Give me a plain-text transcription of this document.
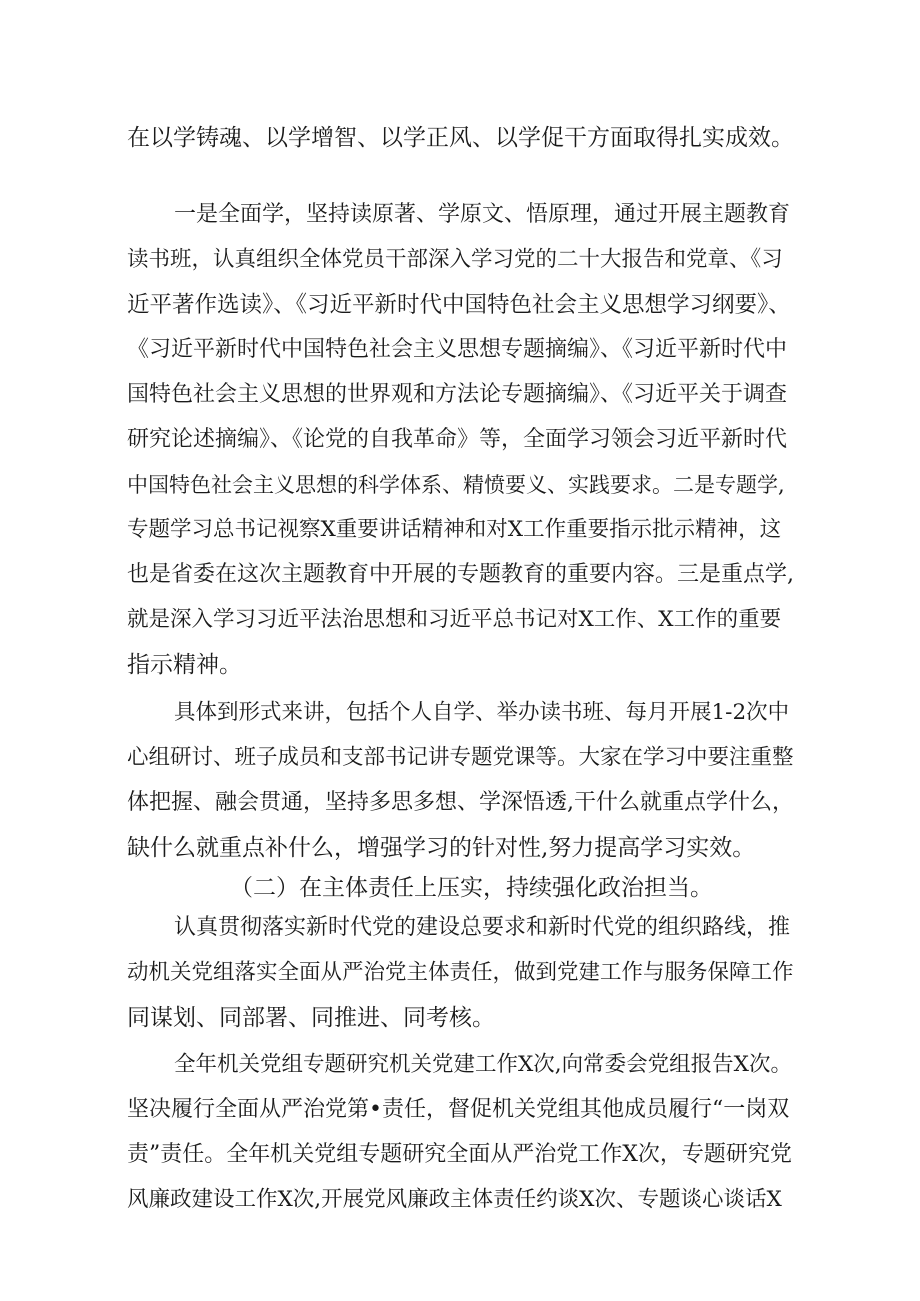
在以学铸魂、以学增智、以学正风、以学促干方面取得扎实成效。
一是全面学，坚持读原著、学原文、悟原理，通过开展主题教育
读书班，认真组织全体党员干部深入学习党的二十大报告和党章、《习
近平著作选读》、《习近平新时代中国特色社会主义思想学习纲要》、
《习近平新时代中国特色社会主义思想专题摘编》、《习近平新时代中
国特色社会主义思想的世界观和方法论专题摘编》、《习近平关于调查
研究论述摘编》、《论党的自我革命》等，全面学习领会习近平新时代
中国特色社会主义思想的科学体系、精愤要义、实践要求。二是专题学,
专题学习总书记视察X重要讲话精神和对X工作重要指示批示精神，这
也是省委在这次主题教育中开展的专题教育的重要内容。三是重点学,
就是深入学习习近平法治思想和习近平总书记对X工作、X工作的重要
指示精神。
具体到形式来讲，包括个人自学、举办读书班、每月开展1-2次中
心组研讨、班子成员和支部书记讲专题党课等。大家在学习中要注重整
体把握、融会贯通，坚持多思多想、学深悟透,干什么就重点学什么，
缺什么就重点补什么，增强学习的针对性,努力提高学习实效。
（二）在主体责任上压实，持续强化政治担当。
认真贯彻落实新时代党的建设总要求和新时代党的组织路线，推
动机关党组落实全面从严治党主体责任，做到党建工作与服务保障工作
同谋划、同部署、同推进、同考核。
全年机关党组专题研究机关党建工作X次,向常委会党组报告X次。
坚决履行全面从严治党第•责任，督促机关党组其他成员履行“一岗双
责”责任。全年机关党组专题研究全面从严治党工作X次，专题研究党
风廉政建设工作X次,开展党风廉政主体责任约谈X次、专题谈心谈话X
